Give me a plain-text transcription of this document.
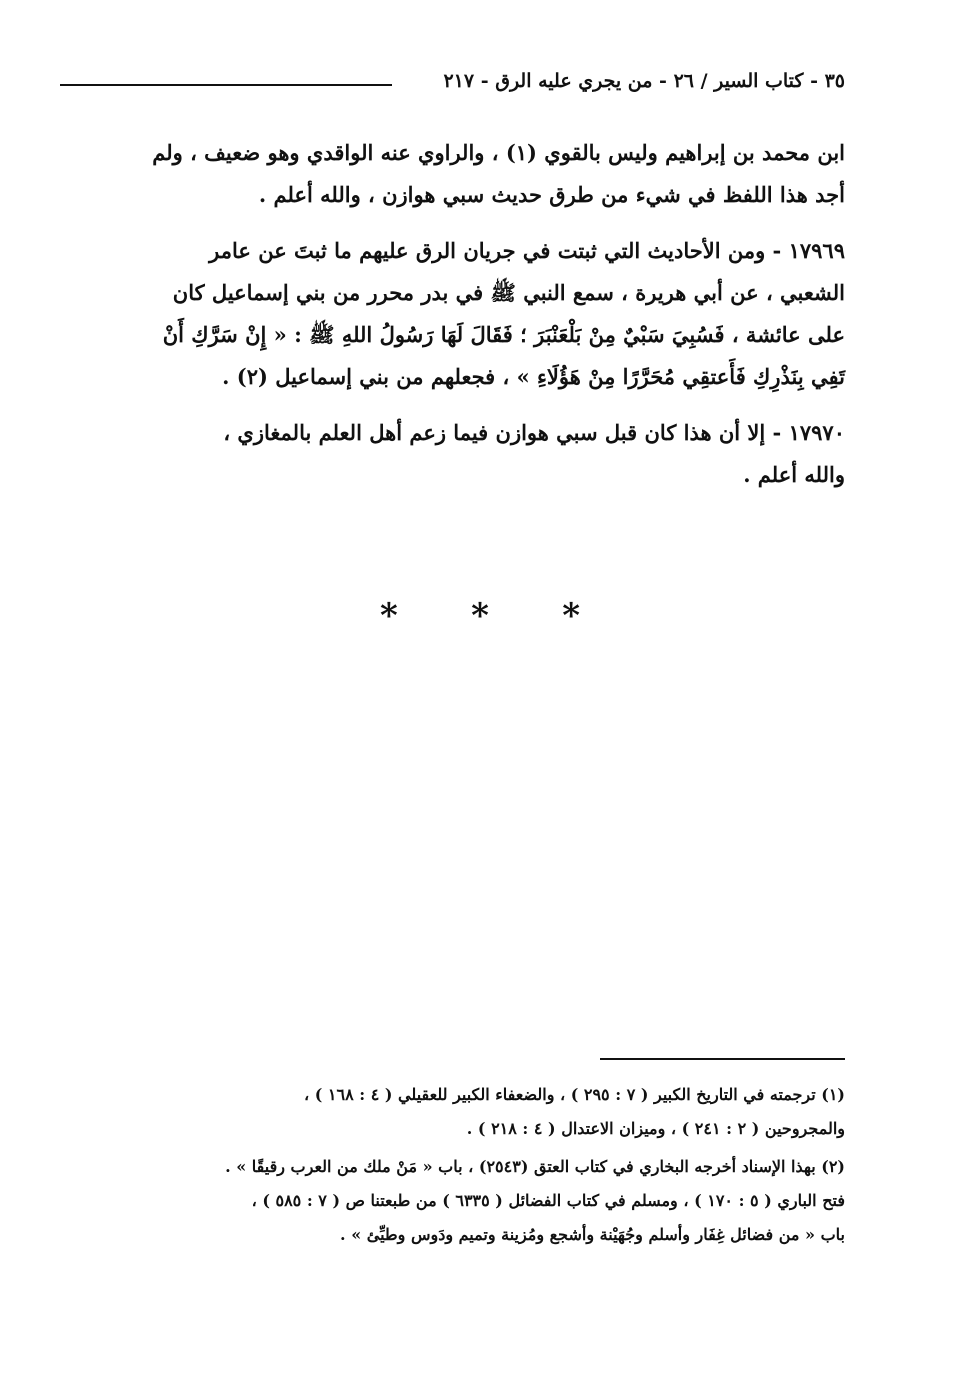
٣٥ - كتاب السير / ٢٦ - من يجري عليه الرق - ٢١٧
ابن محمد بن إبراهيم وليس بالقوي (١) ، والراوي عنه الواقدي وهو ضعيف ، ولم
أجد هذا اللفظ في شيء من طرق حديث سبي هوازن ، والله أعلم .
١٧٩٦٩ - ومن الأحاديث التي ثبتت في جريان الرق عليهم ما ثبتَ عن عامر
الشعبي ، عن أبي هريرة ، سمع النبي ﷺ في بدر محرر من بني إسماعيل كان
على عائشة ، فَسُبِيَ سَبْيٌ مِنْ بَلْعَنْبَرَ ؛ فَقَالَ لَهَا رَسُولُ اللهِ ﷺ : « إِنْ سَرَّكِ أَنْ
تَفِي بِنَذْرِكِ فَأَعتقِي مُحَرَّرًا مِنْ هَؤُلَاءِ » ، فجعلهم من بني إسماعيل (٢) .
١٧٩٧٠ - إلا أن هذا كان قبل سبي هوازن فيما زعم أهل العلم بالمغازي ،
والله أعلم .
* * *
(١) ترجمته في التاريخ الكبير ( ٧ : ٢٩٥ ) ، والضعفاء الكبير للعقيلي ( ٤ : ١٦٨ ) ،
والمجروحين ( ٢ : ٢٤١ ) ، وميزان الاعتدال ( ٤ : ٢١٨ ) .
(٢) بهذا الإسناد أخرجه البخاري في كتاب العتق (٢٥٤٣) ، باب « مَنْ ملك من العرب رقيقًا » .
فتح الباري ( ٥ : ١٧٠ ) ، ومسلم في كتاب الفضائل ( ٦٣٣٥ ) من طبعتنا ص ( ٧ : ٥٨٥ ) ،
باب « من فضائل غِفَار وأسلم وجُهَيْنة وأشجع ومُزينة وتميم ودَوس وطيِّئ » .
